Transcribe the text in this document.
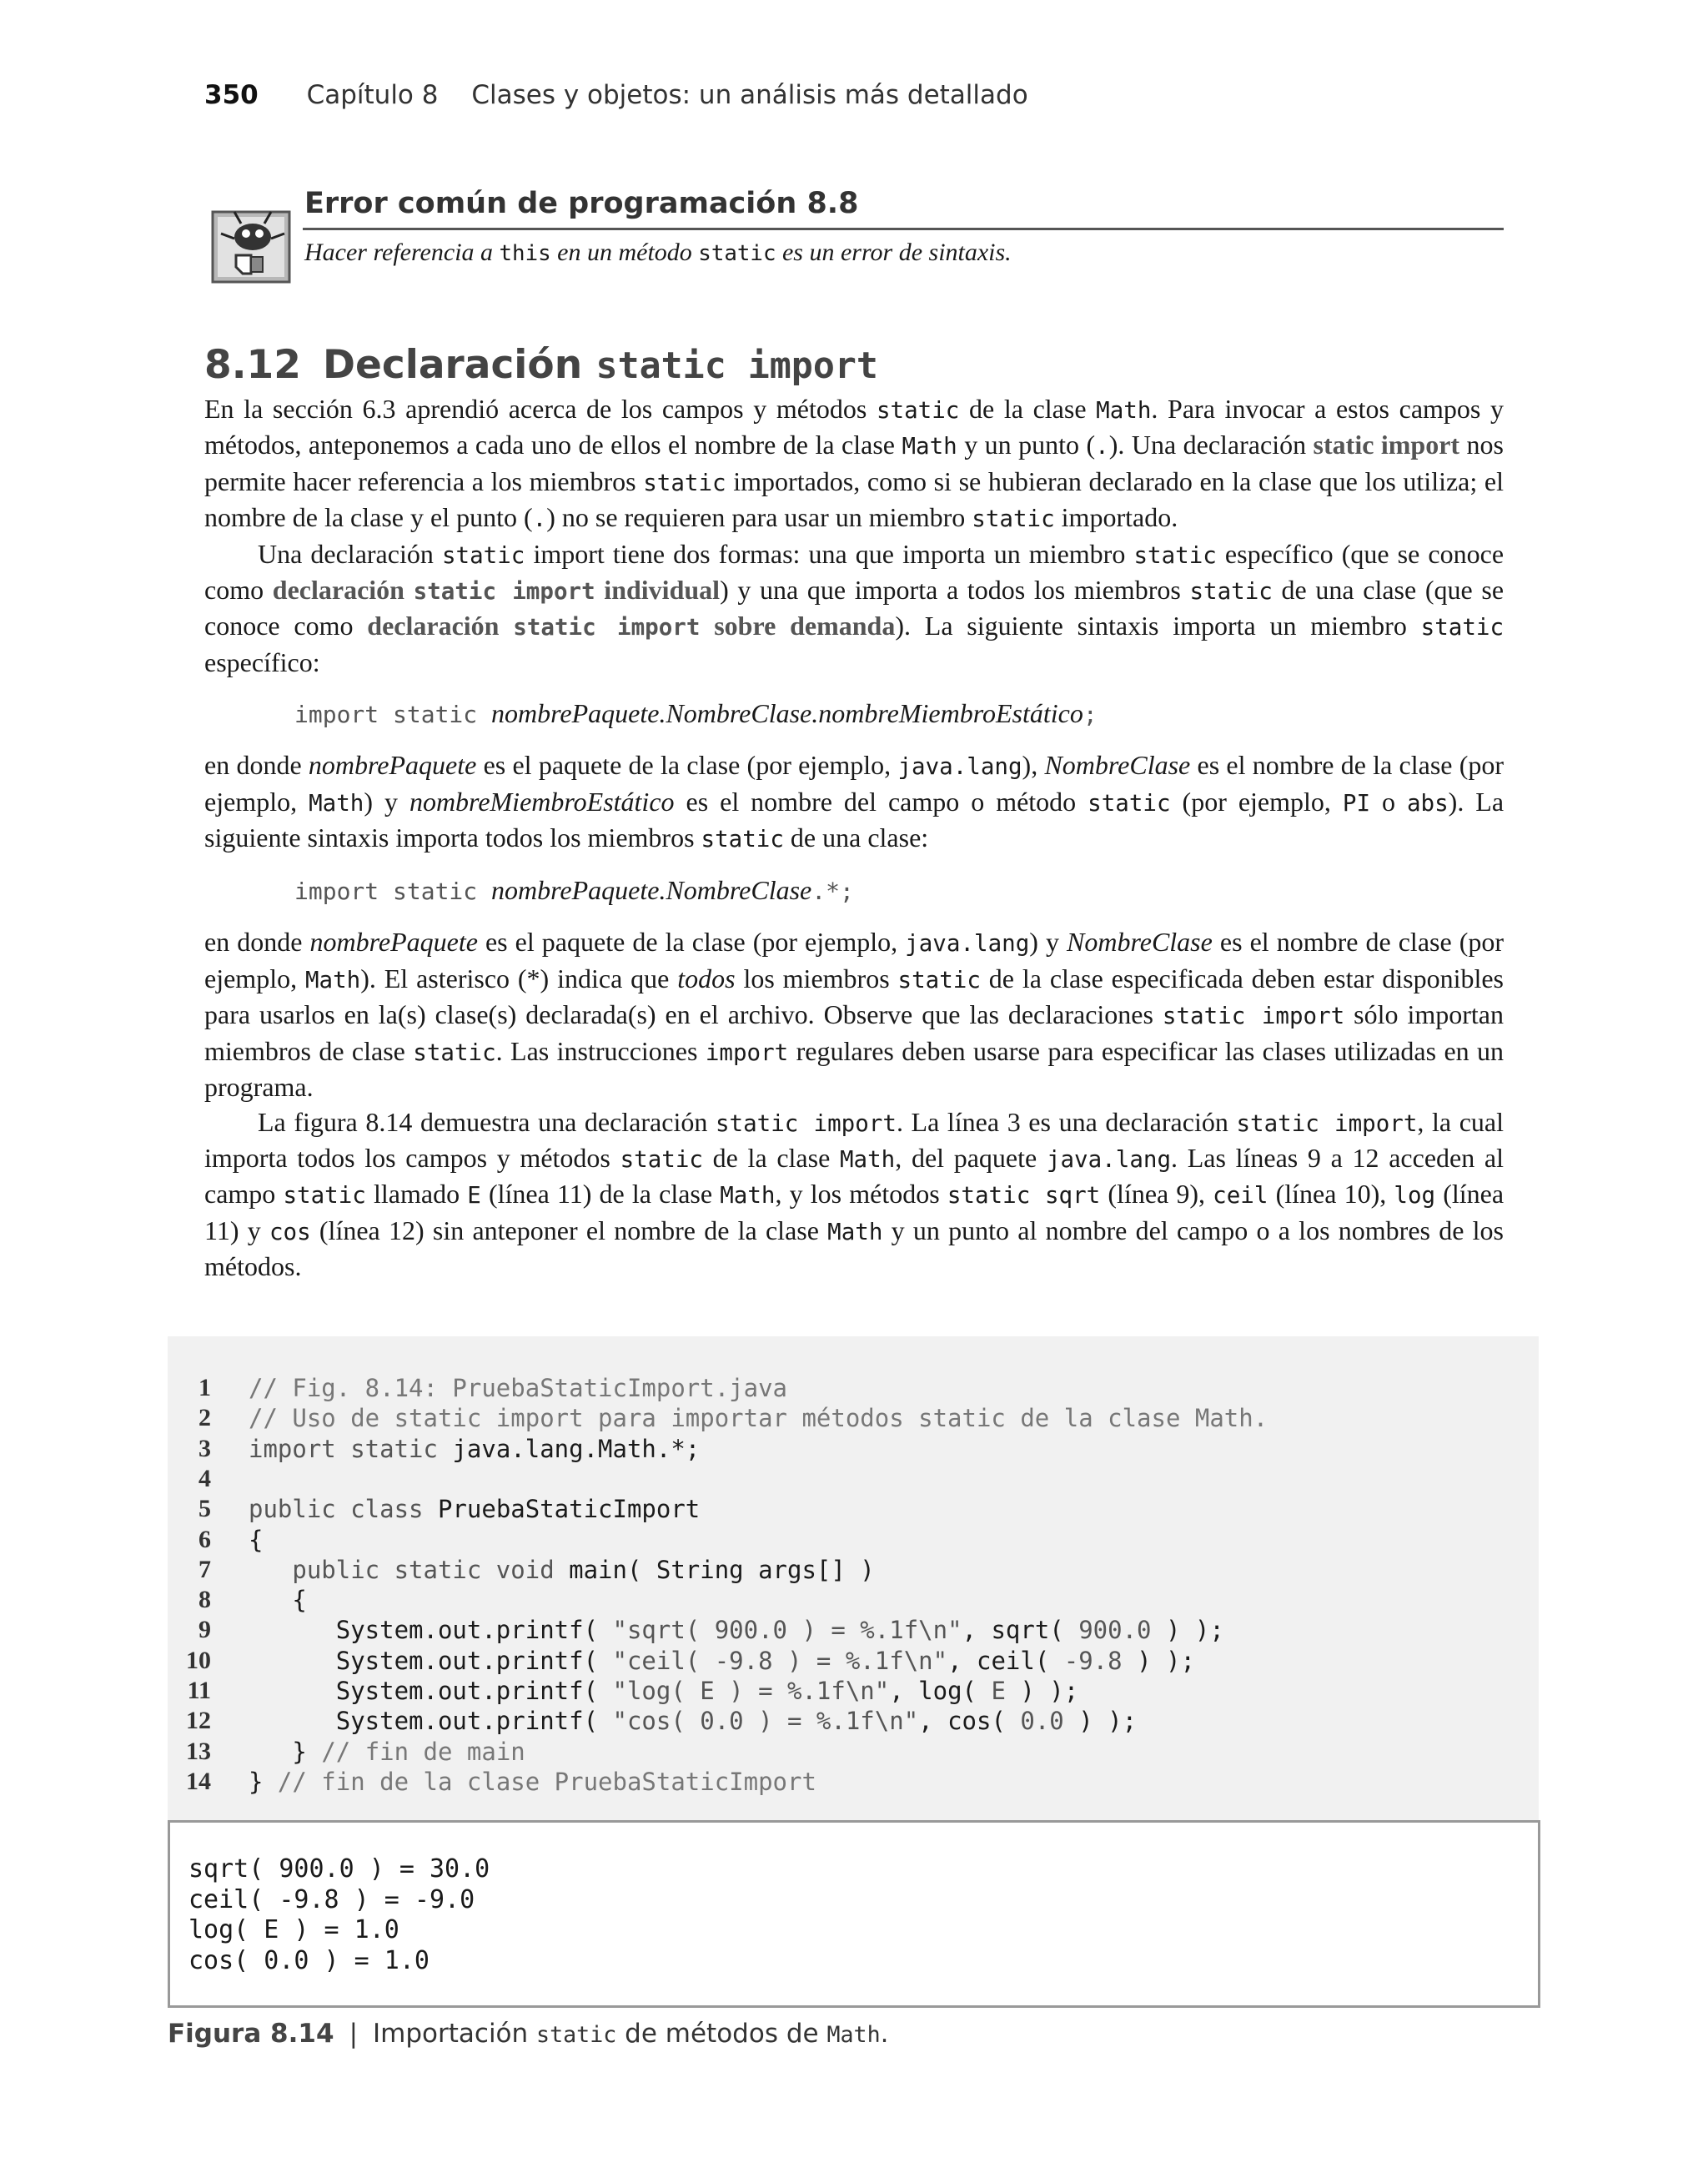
350 Capítulo 8 Clases y objetos: un análisis más detallado
Error común de programación 8.8
Hacer referencia a this en un método static es un error de sintaxis.
8.12 Declaración static import

En la sección 6.3 aprendió acerca de los campos y métodos static de la clase Math. Para invocar a estos campos y métodos, anteponemos a cada uno de ellos el nombre de la clase Math y un punto (.). Una declaración static import nos permite hacer referencia a los miembros static importados, como si se hubieran declarado en la clase que los utiliza; el nombre de la clase y el punto (.) no se requieren para usar un miembro static importado.

Una declaración static import tiene dos formas: una que importa un miembro static específico (que se conoce como declaración static import individual) y una que importa a todos los miembros static de una clase (que se conoce como declaración static import sobre demanda). La siguiente sintaxis importa un miembro static específico:

import static nombrePaquete.NombreClase.nombreMiembroEstático;

en donde nombrePaquete es el paquete de la clase (por ejemplo, java.lang), NombreClase es el nombre de la clase (por ejemplo, Math) y nombreMiembroEstático es el nombre del campo o método static (por ejemplo, PI o abs). La siguiente sintaxis importa todos los miembros static de una clase:

import static nombrePaquete.NombreClase.*;

en donde nombrePaquete es el paquete de la clase (por ejemplo, java.lang) y NombreClase es el nombre de clase (por ejemplo, Math). El asterisco (*) indica que todos los miembros static de la clase especificada deben estar disponibles para usarlos en la(s) clase(s) declarada(s) en el archivo. Observe que las declaraciones static import sólo importan miembros de clase static. Las instrucciones import regulares deben usarse para especificar las clases utilizadas en un programa.

La figura 8.14 demuestra una declaración static import. La línea 3 es una declaración static import, la cual importa todos los campos y métodos static de la clase Math, del paquete java.lang. Las líneas 9 a 12 acceden al campo static llamado E (línea 11) de la clase Math, y los métodos static sqrt (línea 9), ceil (línea 10), log (línea 11) y cos (línea 12) sin anteponer el nombre de la clase Math y un punto al nombre del campo o a los nombres de los métodos.

1 // Fig. 8.14: PruebaStaticImport.java
2 // Uso de static import para importar métodos static de la clase Math.
3 import static java.lang.Math.*;
4
5 public class PruebaStaticImport
6 {
7 public static void main( String args[] )
8 {
9 System.out.printf( "sqrt( 900.0 ) = %.1f\n", sqrt( 900.0 ) );
10 System.out.printf( "ceil( -9.8 ) = %.1f\n", ceil( -9.8 ) );
11 System.out.printf( "log( E ) = %.1f\n", log( E ) );
12 System.out.printf( "cos( 0.0 ) = %.1f\n", cos( 0.0 ) );
13 } // fin de main
14 } // fin de la clase PruebaStaticImport
sqrt( 900.0 ) = 30.0
ceil( -9.8 ) = -9.0
log( E ) = 1.0
cos( 0.0 ) = 1.0
Figura 8.14 | Importación static de métodos de Math.
